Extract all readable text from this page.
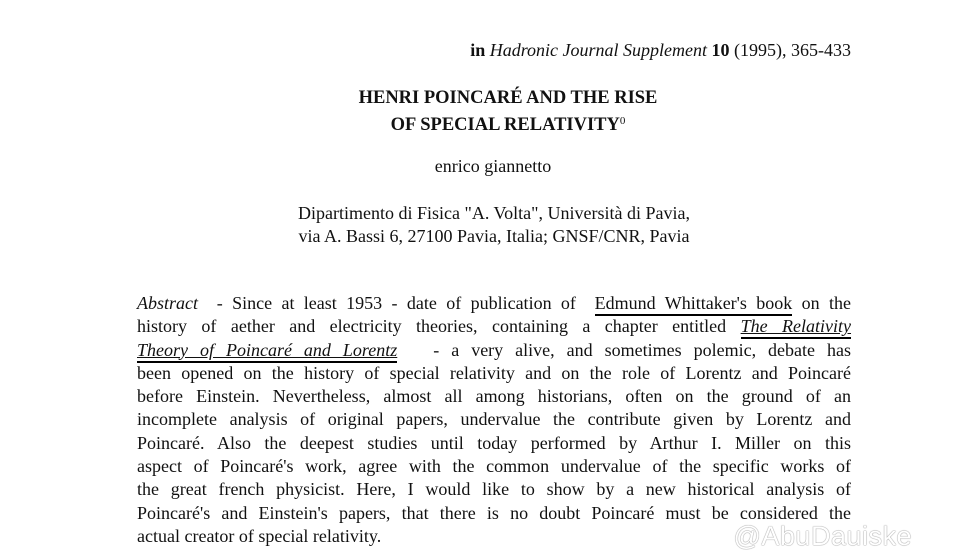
in Hadronic Journal Supplement 10 (1995), 365-433
HENRI POINCARÉ AND THE RISE
OF SPECIAL RELATIVITY$^0$
enrico giannetto
Dipartimento di Fisica "A. Volta", Università di Pavia,
via A. Bassi 6, 27100 Pavia, Italia; GNSF/CNR, Pavia
Abstract - Since at least 1953 - date of publication of Edmund Whittaker's book on the
history of aether and electricity theories, containing a chapter entitled The Relativity
Theory of Poincaré and Lorentz - a very alive, and sometimes polemic, debate has
been opened on the history of special relativity and on the role of Lorentz and Poincaré
before Einstein. Nevertheless, almost all among historians, often on the ground of an
incomplete analysis of original papers, undervalue the contribute given by Lorentz and
Poincaré. Also the deepest studies until today performed by Arthur I. Miller on this
aspect of Poincaré's work, agree with the common undervalue of the specific works of
the great french physicist. Here, I would like to show by a new historical analysis of
Poincaré's and Einstein's papers, that there is no doubt Poincaré must be considered the
actual creator of special relativity.	@AbuDauiske
